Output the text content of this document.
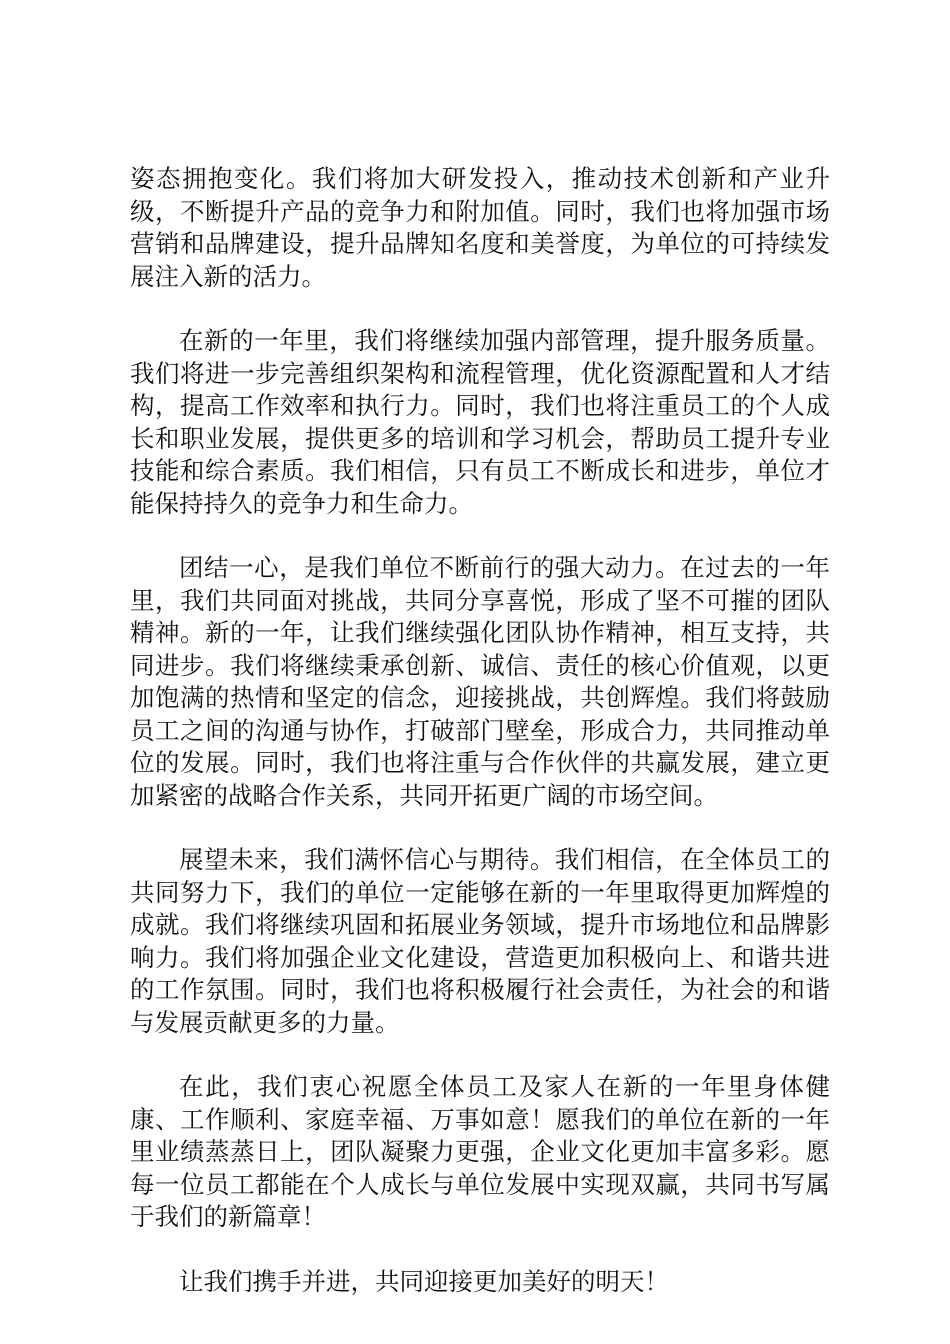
姿态拥抱变化。我们将加大研发投入，推动技术创新和产业升级，不断提升产品的竞争力和附加值。同时，我们也将加强市场营销和品牌建设，提升品牌知名度和美誉度，为单位的可持续发展注入新的活力。

在新的一年里，我们将继续加强内部管理，提升服务质量。我们将进一步完善组织架构和流程管理，优化资源配置和人才结构，提高工作效率和执行力。同时，我们也将注重员工的个人成长和职业发展，提供更多的培训和学习机会，帮助员工提升专业技能和综合素质。我们相信，只有员工不断成长和进步，单位才能保持持久的竞争力和生命力。

团结一心，是我们单位不断前行的强大动力。在过去的一年里，我们共同面对挑战，共同分享喜悦，形成了坚不可摧的团队精神。新的一年，让我们继续强化团队协作精神，相互支持，共同进步。我们将继续秉承创新、诚信、责任的核心价值观，以更加饱满的热情和坚定的信念，迎接挑战，共创辉煌。我们将鼓励员工之间的沟通与协作，打破部门壁垒，形成合力，共同推动单位的发展。同时，我们也将注重与合作伙伴的共赢发展，建立更加紧密的战略合作关系，共同开拓更广阔的市场空间。

展望未来，我们满怀信心与期待。我们相信，在全体员工的共同努力下，我们的单位一定能够在新的一年里取得更加辉煌的成就。我们将继续巩固和拓展业务领域，提升市场地位和品牌影响力。我们将加强企业文化建设，营造更加积极向上、和谐共进的工作氛围。同时，我们也将积极履行社会责任，为社会的和谐与发展贡献更多的力量。

在此，我们衷心祝愿全体员工及家人在新的一年里身体健康、工作顺利、家庭幸福、万事如意！愿我们的单位在新的一年里业绩蒸蒸日上，团队凝聚力更强，企业文化更加丰富多彩。愿每一位员工都能在个人成长与单位发展中实现双赢，共同书写属于我们的新篇章！

让我们携手并进，共同迎接更加美好的明天！
